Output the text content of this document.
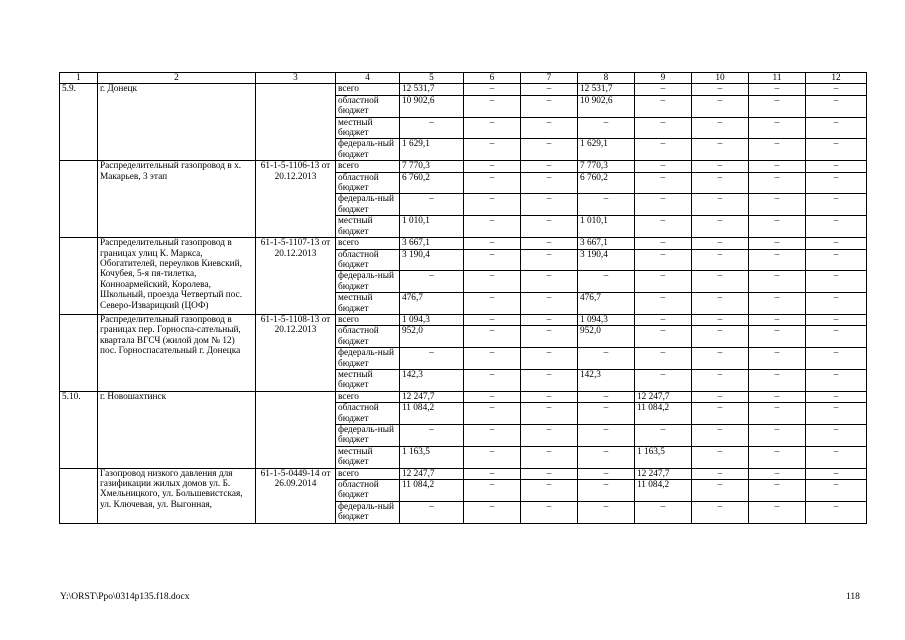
1	2	3	4	5	6	7	8	9	10	11	12
5.9.	г. Донецк		всего	12 531,7	–	–	12 531,7	–	–	–	–
			областной бюджет	10 902,6	–	–	10 902,6	–	–	–	–
			местный бюджет	–	–	–	–	–	–	–	–
			федераль-ный бюджет	1 629,1	–	–	1 629,1	–	–	–	–
	Распределительный газопровод в х. Макарьев, 3 этап	61-1-5-1106-13 от 20.12.2013	всего	7 770,3	–	–	7 770,3	–	–	–	–
			областной бюджет	6 760,2	–	–	6 760,2	–	–	–	–
			федераль-ный бюджет	–	–	–	–	–	–	–	–
			местный бюджет	1 010,1	–	–	1 010,1	–	–	–	–
	Распределительный газопровод в границах улиц К. Маркса, Обогатителей, переулков Киевский, Кочубея, 5-я пя-тилетка, Конноармейский, Королева, Школьный, проезда Четвертый пос. Северо-Изварицкий (ЦОФ)	61-1-5-1107-13 от 20.12.2013	всего	3 667,1	–	–	3 667,1	–	–	–	–
			областной бюджет	3 190,4	–	–	3 190,4	–	–	–	–
			федераль-ный бюджет	–	–	–	–	–	–	–	–
			местный бюджет	476,7	–	–	476,7	–	–	–	–
	Распределительный газопровод в границах пер. Горноспа-сательный, квартала ВГСЧ (жилой дом № 12) пос. Горноспасательный г. Донецка	61-1-5-1108-13 от 20.12.2013	всего	1 094,3	–	–	1 094,3	–	–	–	–
			областной бюджет	952,0	–	–	952,0	–	–	–	–
			федераль-ный бюджет	–	–	–	–	–	–	–	–
			местный бюджет	142,3	–	–	142,3	–	–	–	–
5.10.	г. Новошахтинск		всего	12 247,7	–	–	–	12 247,7	–	–	–
			областной бюджет	11 084,2	–	–	–	11 084,2	–	–	–
			федераль-ный бюджет	–	–	–	–	–	–	–	–
			местный бюджет	1 163,5	–	–	–	1 163,5	–	–	–
	Газопровод низкого давления для газификации жилых домов ул. Б. Хмельницкого, ул. Большевистская, ул. Ключевая, ул. Выгонная,	61-1-5-0449-14 от 26.09.2014	всего	12 247,7	–	–	–	12 247,7	–	–	–
			областной бюджет	11 084,2	–	–	–	11 084,2	–	–	–
			федераль-ный бюджет	–	–	–	–	–	–	–	–
Y:\ORST\Ppo\0314p135.f18.docx	118
